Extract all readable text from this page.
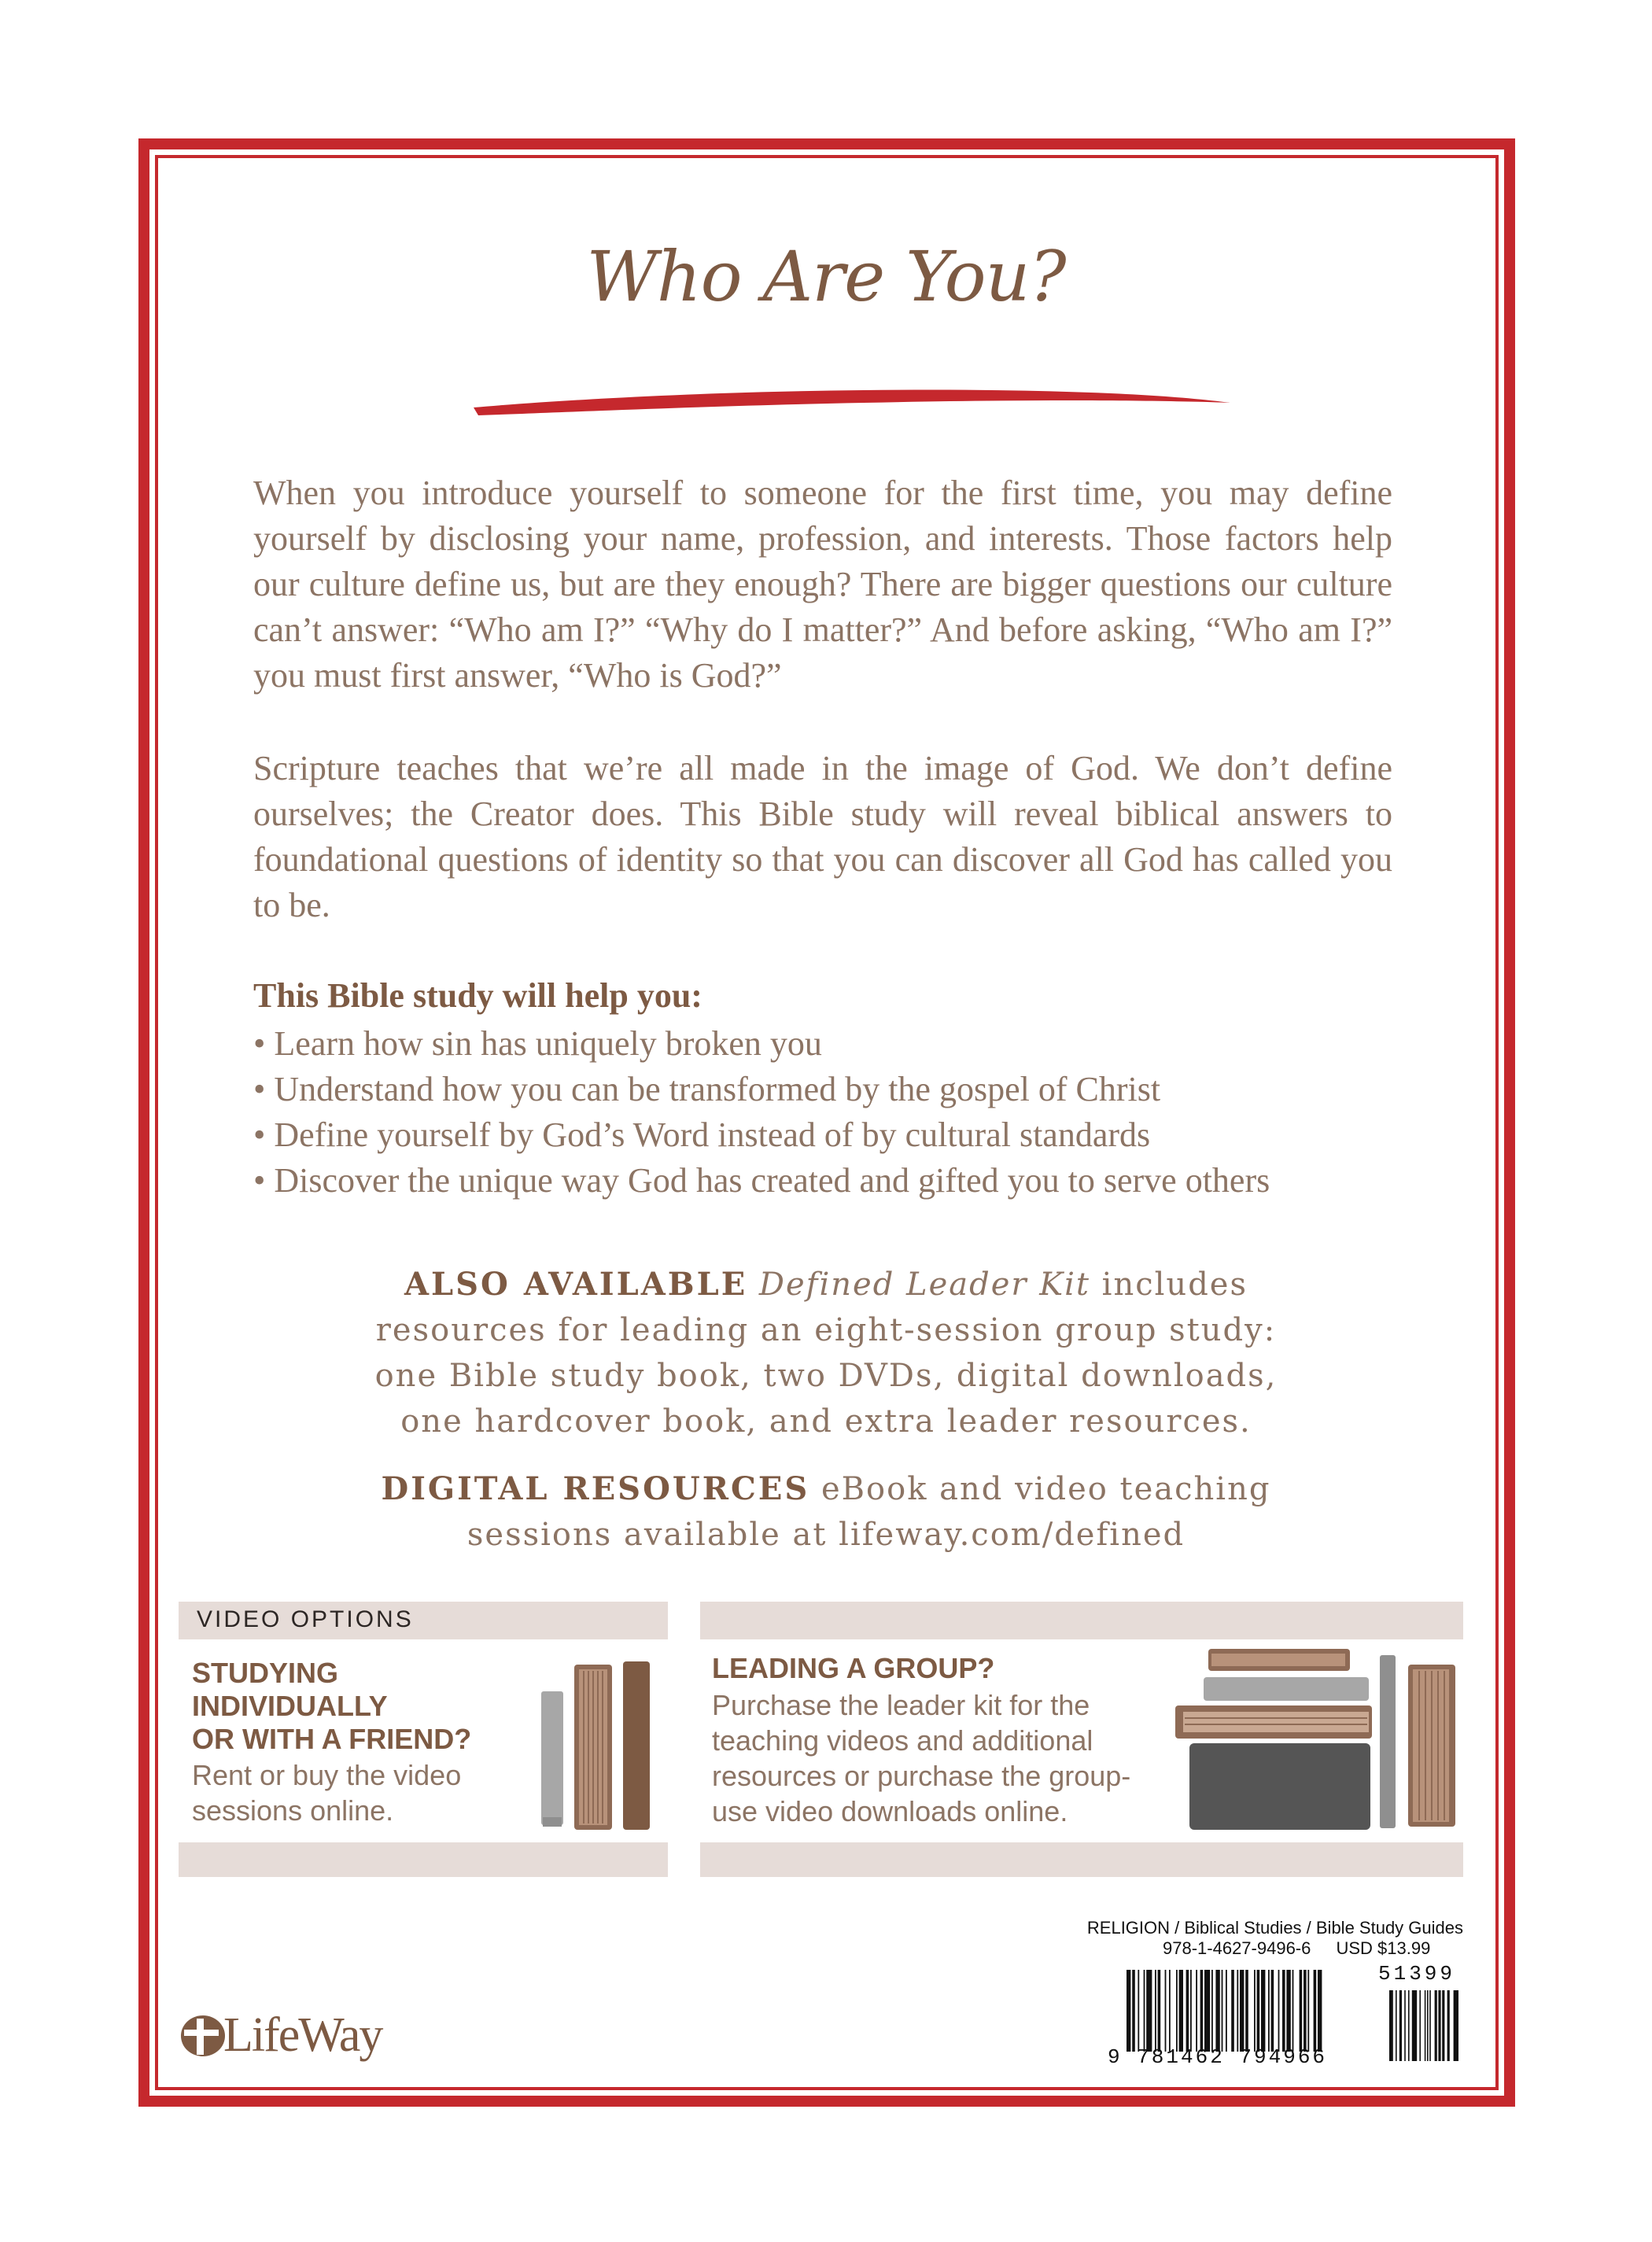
Who Are You?
When you introduce yourself to someone for the first time, you may define yourself by disclosing your name, profession, and interests. Those factors help our culture define us, but are they enough? There are bigger questions our culture can’t answer: “Who am I?” “Why do I matter?” And before asking, “Who am I?” you must first answer, “Who is God?”
Scripture teaches that we’re all made in the image of God. We don’t define ourselves; the Creator does. This Bible study will reveal biblical answers to foundational questions of identity so that you can discover all God has called you to be.
This Bible study will help you:
• Learn how sin has uniquely broken you
• Understand how you can be transformed by the gospel of Christ
• Define yourself by God’s Word instead of by cultural standards
• Discover the unique way God has created and gifted you to serve others
ALSO AVAILABLE Defined Leader Kit includes
resources for leading an eight-session group study:
one Bible study book, two DVDs, digital downloads,
one hardcover book, and extra leader resources.
DIGITAL RESOURCES eBook and video teaching
sessions available at lifeway.com/defined
VIDEO OPTIONS
STUDYING
INDIVIDUALLY
OR WITH A FRIEND?
Rent or buy the video
sessions online.
LEADING A GROUP?
Purchase the leader kit for the
teaching videos and additional
resources or purchase the group-
use video downloads online.
RELIGION / Biblical Studies / Bible Study Guides
978-1-4627-9496-6 USD $13.99
51399
9 781462 794966
LifeWay
